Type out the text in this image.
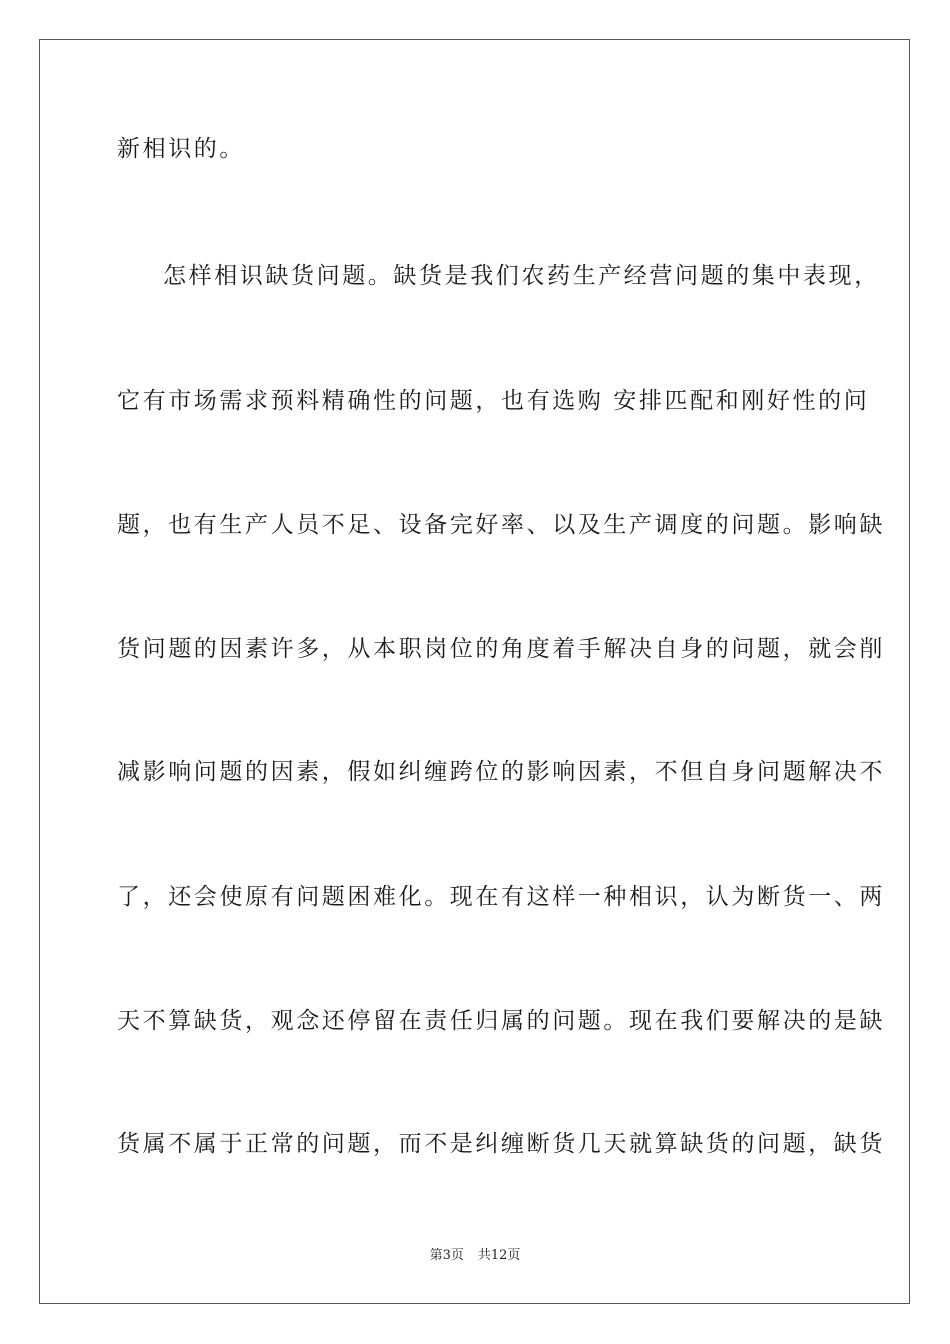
新相识的。
怎样相识缺货问题。缺货是我们农药生产经营问题的集中表现，
它有市场需求预料精确性的问题，也有选购 安排匹配和刚好性的问
题，也有生产人员不足、设备完好率、以及生产调度的问题。影响缺
货问题的因素许多，从本职岗位的角度着手解决自身的问题，就会削
减影响问题的因素，假如纠缠跨位的影响因素，不但自身问题解决不
了，还会使原有问题困难化。现在有这样一种相识，认为断货一、两
天不算缺货，观念还停留在责任归属的问题。现在我们要解决的是缺
货属不属于正常的问题，而不是纠缠断货几天就算缺货的问题，缺货
第3页 共12页
